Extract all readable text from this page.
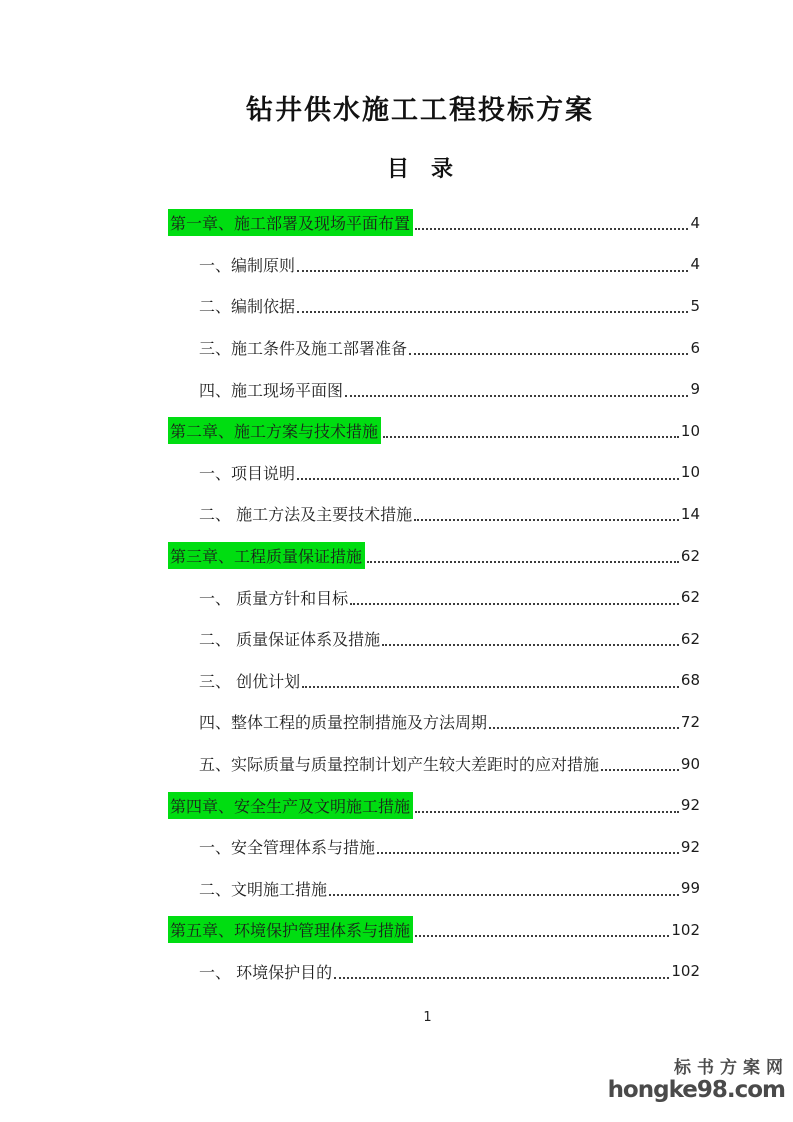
钻井供水施工工程投标方案
目　录
第一章、施工部署及现场平面布置	4
一、编制原则	4
二、编制依据	5
三、施工条件及施工部署准备	6
四、施工现场平面图	9
第二章、施工方案与技术措施	10
一、项目说明	10
二、 施工方法及主要技术措施	14
第三章、工程质量保证措施	62
一、 质量方针和目标	62
二、 质量保证体系及措施	62
三、 创优计划	68
四、整体工程的质量控制措施及方法周期	72
五、实际质量与质量控制计划产生较大差距时的应对措施	90
第四章、安全生产及文明施工措施	92
一、安全管理体系与措施	92
二、文明施工措施	99
第五章、环境保护管理体系与措施	102
一、 环境保护目的	102
1
标书方案网
hongke98.com
